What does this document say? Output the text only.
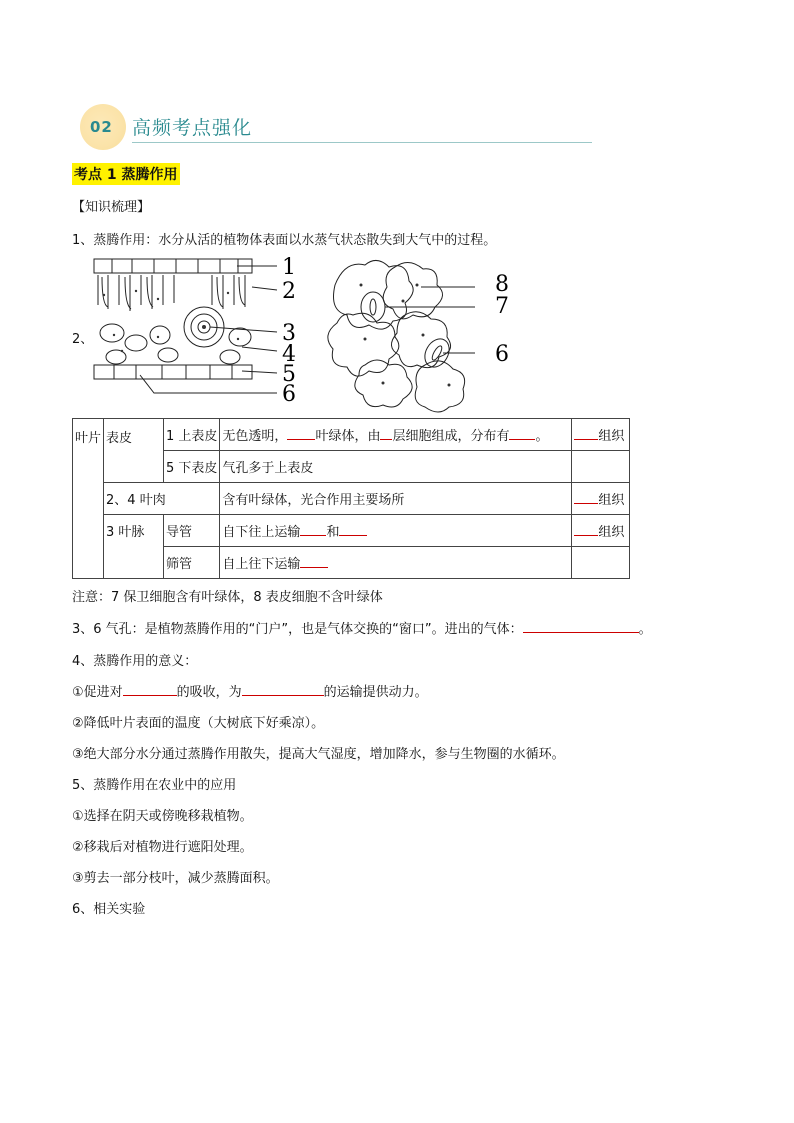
02 高频考点强化
考点 1 蒸腾作用
【知识梳理】
1、蒸腾作用：水分从活的植物体表面以水蒸气状态散失到大气中的过程。
2、
1
2
3
4
5
6
8
7
6
叶片	表皮	1 上表皮	无色透明， 叶绿体，由 层细胞组成，分布有 。	组织
		5 下表皮	气孔多于上表皮	
	2、4 叶肉		含有叶绿体，光合作用主要场所	组织
	3 叶脉	导管	自下往上运输 和	组织
		筛管	自上往下运输	
注意：7 保卫细胞含有叶绿体，8 表皮细胞不含叶绿体
3、6 气孔：是植物蒸腾作用的“门户”，也是气体交换的“窗口”。进出的气体：	。
4、蒸腾作用的意义：
①促进对	的吸收，为	的运输提供动力。
②降低叶片表面的温度（大树底下好乘凉）。
③绝大部分水分通过蒸腾作用散失，提高大气湿度，增加降水，参与生物圈的水循环。
5、蒸腾作用在农业中的应用
①选择在阴天或傍晚移栽植物。
②移栽后对植物进行遮阳处理。
③剪去一部分枝叶，减少蒸腾面积。
6、相关实验
